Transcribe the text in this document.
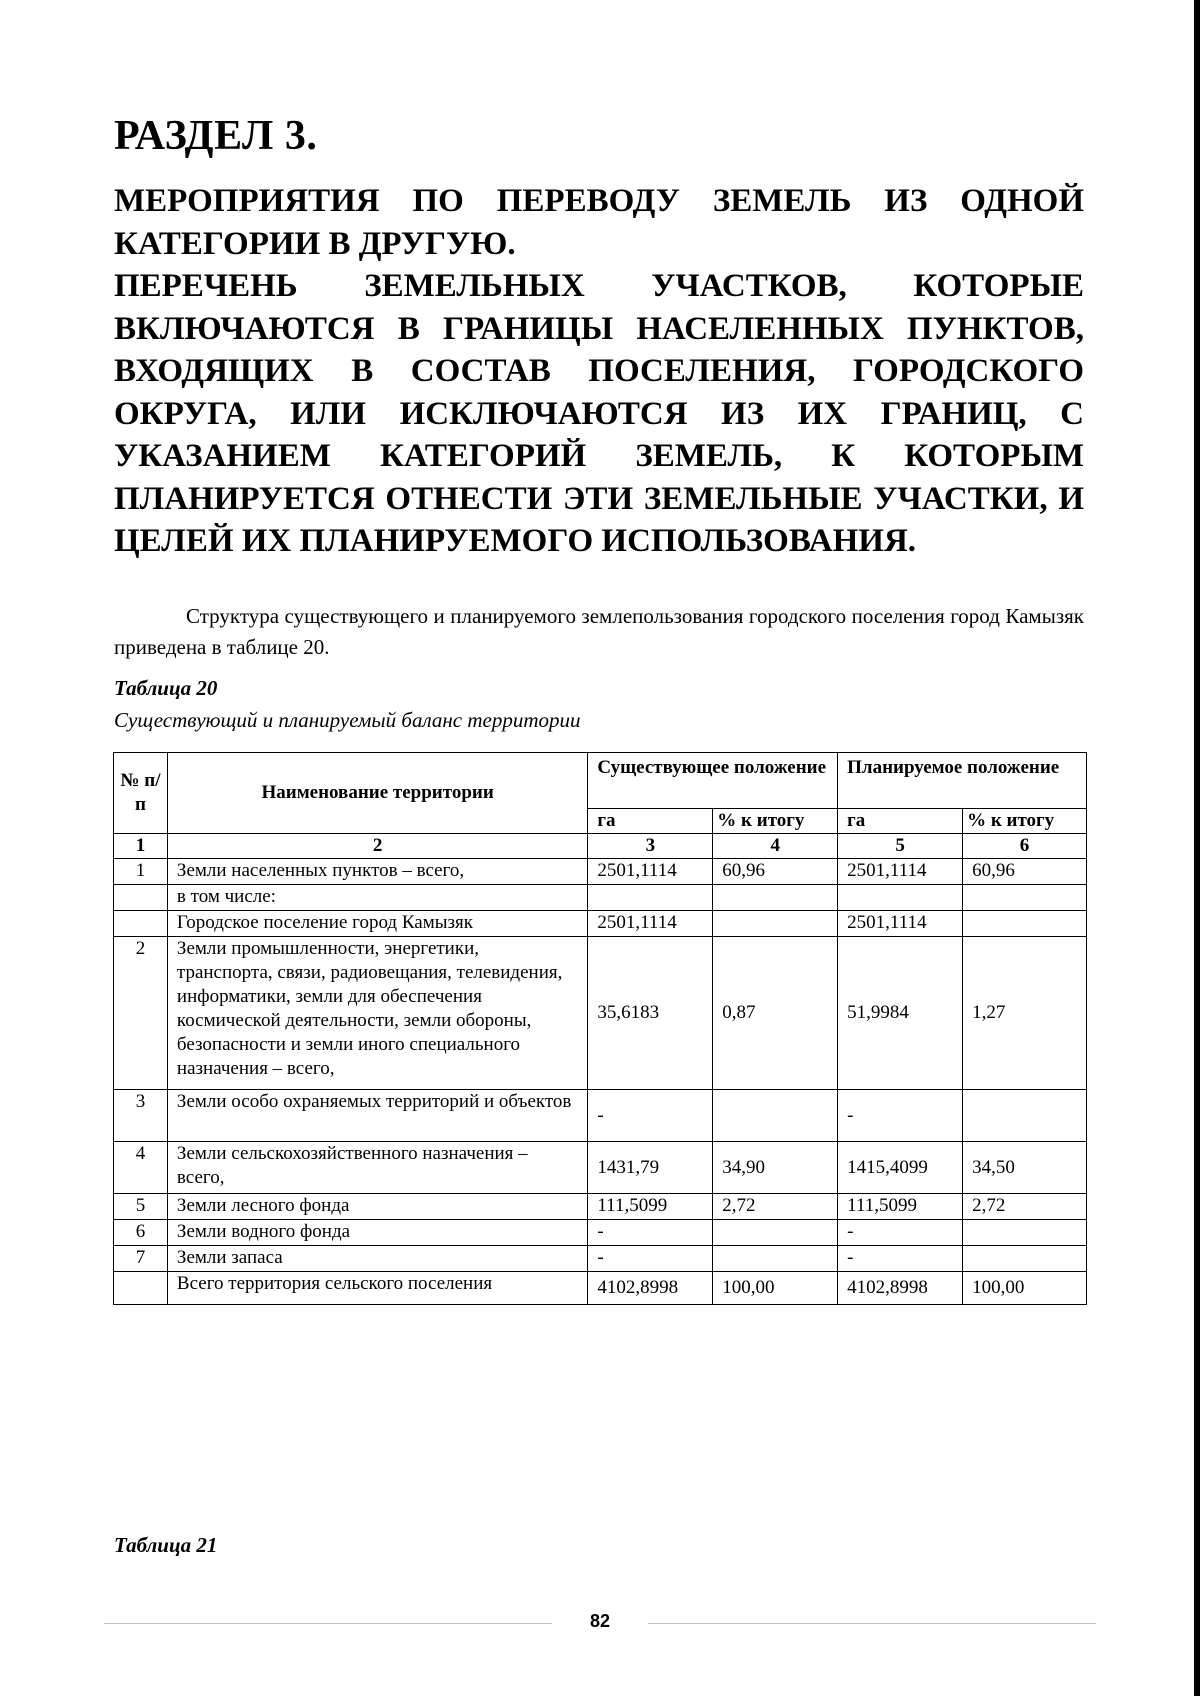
РАЗДЕЛ 3.
МЕРОПРИЯТИЯ ПО ПЕРЕВОДУ ЗЕМЕЛЬ ИЗ ОДНОЙ
КАТЕГОРИИ В ДРУГУЮ.
ПЕРЕЧЕНЬ ЗЕМЕЛЬНЫХ УЧАСТКОВ, КОТОРЫЕ
ВКЛЮЧАЮТСЯ В ГРАНИЦЫ НАСЕЛЕННЫХ ПУНКТОВ,
ВХОДЯЩИХ В СОСТАВ ПОСЕЛЕНИЯ, ГОРОДСКОГО
ОКРУГА, ИЛИ ИСКЛЮЧАЮТСЯ ИЗ ИХ ГРАНИЦ, С
УКАЗАНИЕМ КАТЕГОРИЙ ЗЕМЕЛЬ, К КОТОРЫМ
ПЛАНИРУЕТСЯ ОТНЕСТИ ЭТИ ЗЕМЕЛЬНЫЕ УЧАСТКИ, И
ЦЕЛЕЙ ИХ ПЛАНИРУЕМОГО ИСПОЛЬЗОВАНИЯ.

Структура существующего и планируемого землепользования городского поселения город Камызяк приведена в таблице 20.

Таблица 20

Существующий и планируемый баланс территории

№ п/п	Наименование территории	Существующее положение		Планируемое положение	
		га	% к итогу	га	% к итогу
1	2	3	4	5	6
1	Земли населенных пунктов – всего,	2501,1114	60,96	2501,1114	60,96
	в том числе:				
	Городское поселение город Камызяк	2501,1114		2501,1114	
2	Земли промышленности, энергетики, транспорта, связи, радиовещания, телевидения, информатики, земли для обеспечения космической деятельности, земли обороны, безопасности и земли иного специального назначения – всего,	35,6183	0,87	51,9984	1,27
3	Земли особо охраняемых территорий и объектов	-		-	
4	Земли сельскохозяйственного назначения – всего,	1431,79	34,90	1415,4099	34,50
5	Земли лесного фонда	111,5099	2,72	111,5099	2,72
6	Земли водного фонда	-		-	
7	Земли запаса	-		-	
	Всего территория сельского поселения	4102,8998	100,00	4102,8998	100,00

Таблица 21

82
